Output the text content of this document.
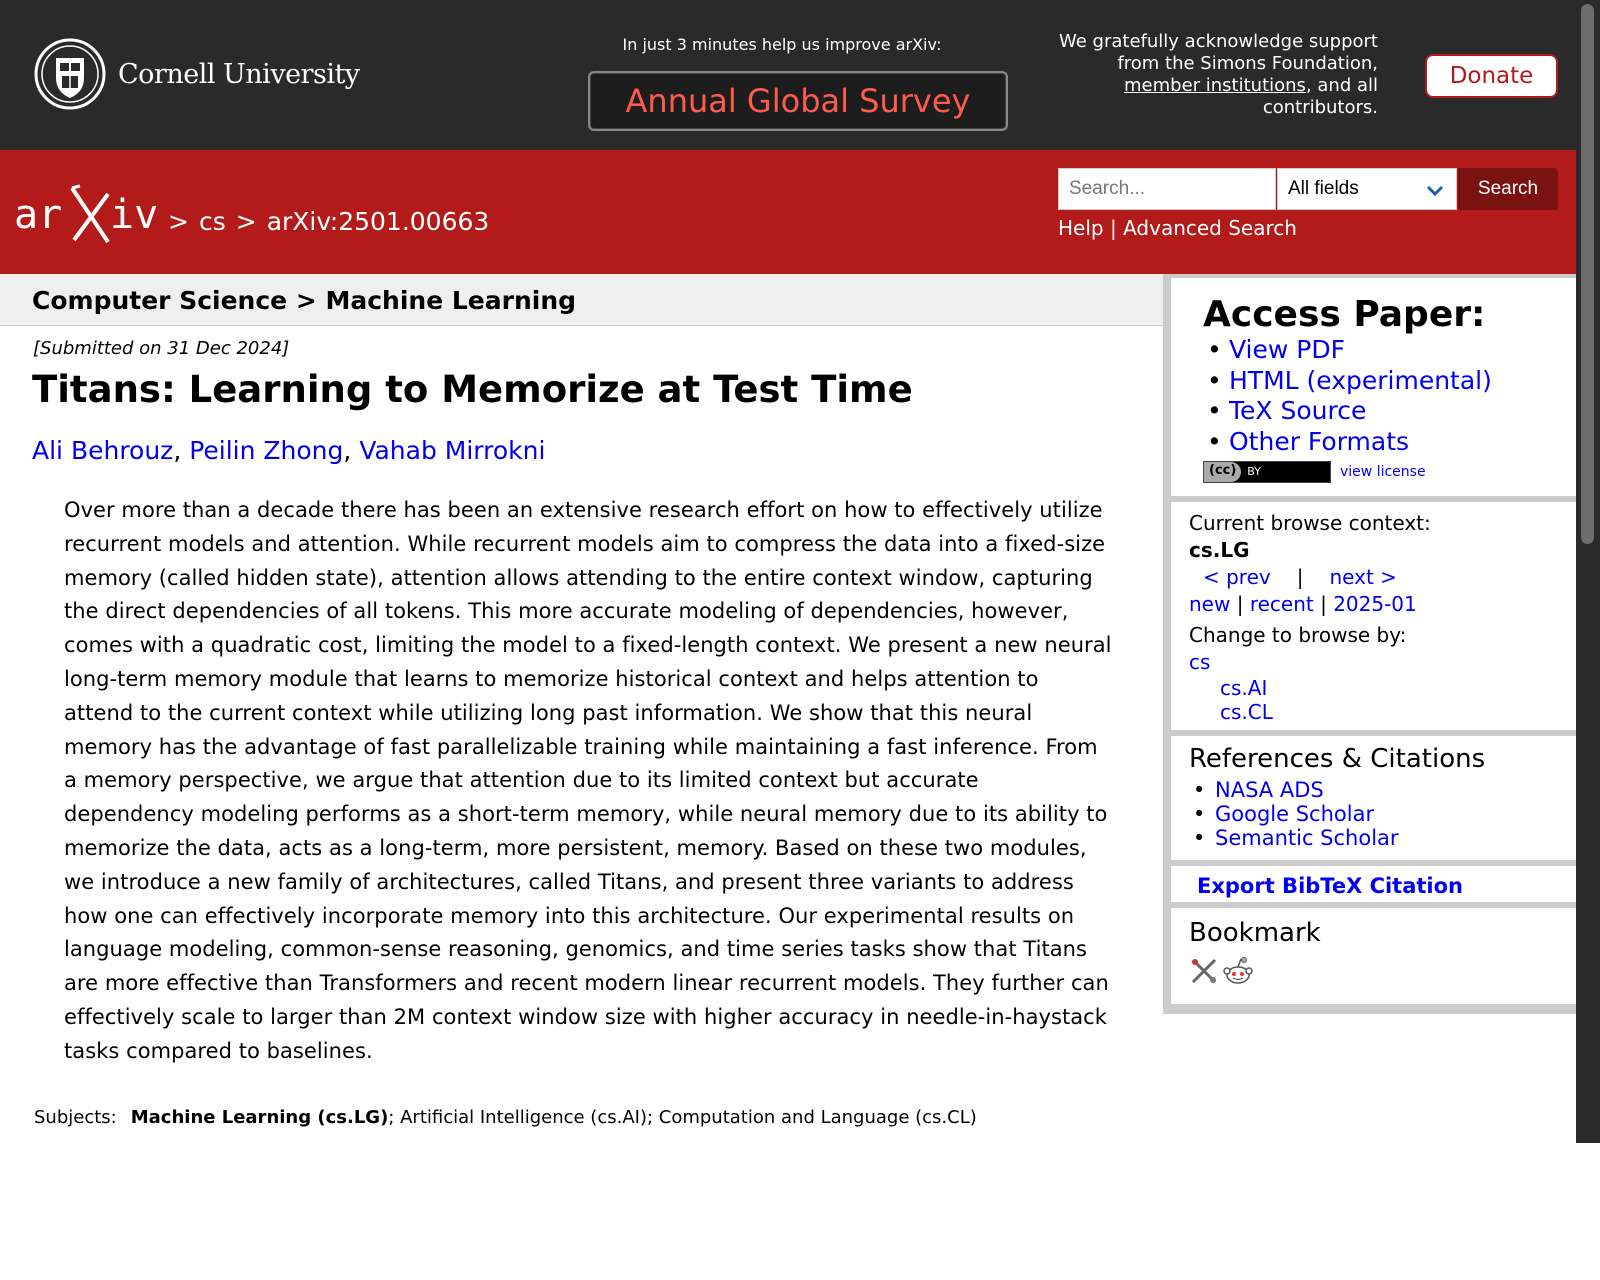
Cornell University
In just 3 minutes help us improve arXiv:
Annual Global Survey
We gratefully acknowledge support
from the Simons Foundation,
member institutions, and all
contributors.
Donate
ar iv > cs > arXiv:2501.00663
Search...
All fields	Search
Help | Advanced Search
Computer Science > Machine Learning
[Submitted on 31 Dec 2024]
Titans: Learning to Memorize at Test Time
Ali Behrouz, Peilin Zhong, Vahab Mirrokni
Over more than a decade there has been an extensive research effort on how to effectively utilize recurrent models and attention. While recurrent models aim to compress the data into a fixed-size memory (called hidden state), attention allows attending to the entire context window, capturing the direct dependencies of all tokens. This more accurate modeling of dependencies, however, comes with a quadratic cost, limiting the model to a fixed-length context. We present a new neural long-term memory module that learns to memorize historical context and helps attention to attend to the current context while utilizing long past information. We show that this neural memory has the advantage of fast parallelizable training while maintaining a fast inference. From a memory perspective, we argue that attention due to its limited context but accurate dependency modeling performs as a short-term memory, while neural memory due to its ability to memorize the data, acts as a long-term, more persistent, memory. Based on these two modules, we introduce a new family of architectures, called Titans, and present three variants to address how one can effectively incorporate memory into this architecture. Our experimental results on language modeling, common-sense reasoning, genomics, and time series tasks show that Titans are more effective than Transformers and recent modern linear recurrent models. They further can effectively scale to larger than 2M context window size with higher accuracy in needle-in-haystack tasks compared to baselines.
Subjects: Machine Learning (cs.LG); Artificial Intelligence (cs.AI); Computation and Language (cs.CL)
Access Paper:
• View PDF
• HTML (experimental)
• TeX Source
• Other Formats
(cc)	BY	view license
Current browse context:
cs.LG
< prev | next >
new | recent | 2025-01
Change to browse by:
cs
cs.AI
cs.CL
References & Citations
• NASA ADS
• Google Scholar
• Semantic Scholar
Export BibTeX Citation
Bookmark
